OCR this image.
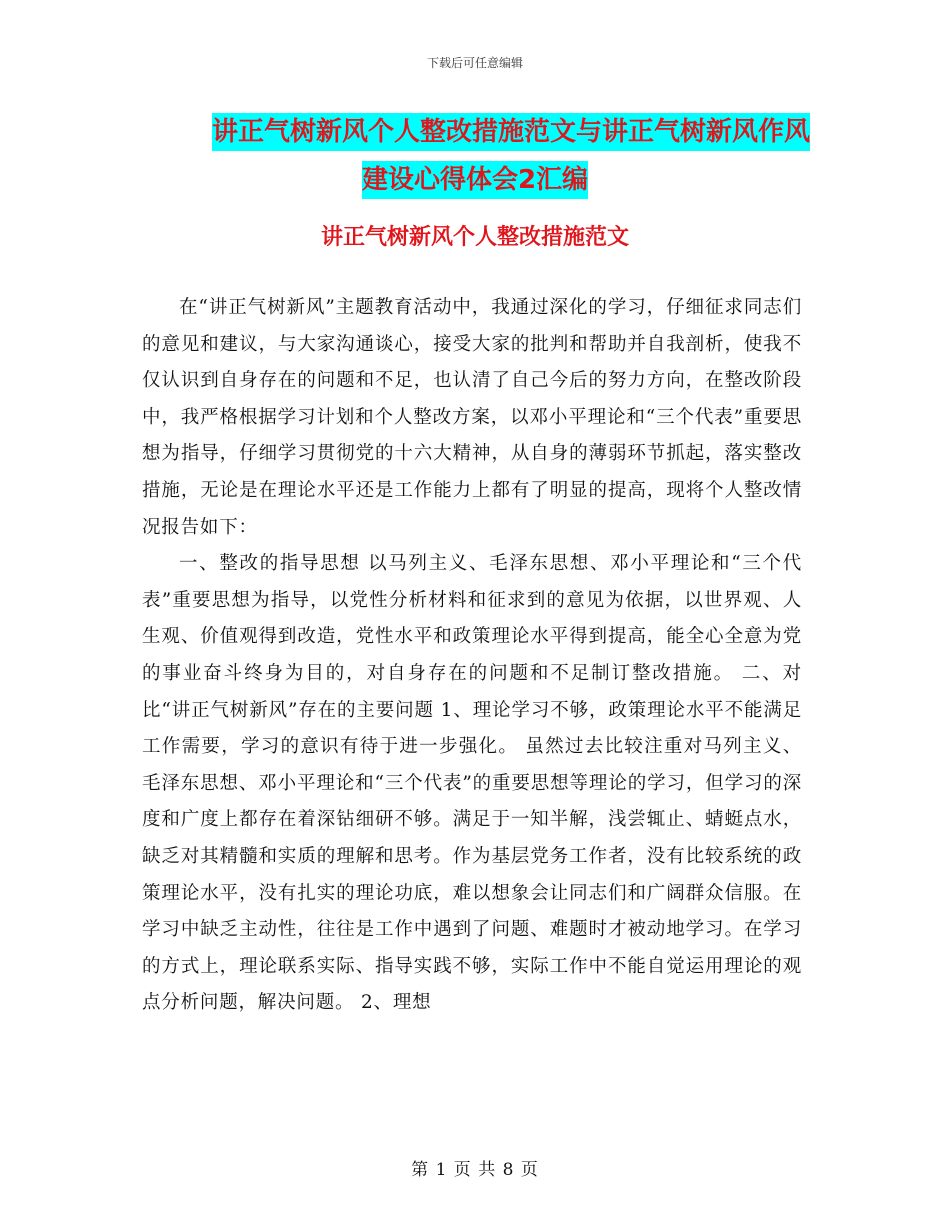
下载后可任意编辑
讲正气树新风个人整改措施范文与讲正气树新风作风
建设心得体会2汇编
讲正气树新风个人整改措施范文

在“讲正气树新风”主题教育活动中，我通过深化的学习，仔细征求同志们的意见和建议，与大家沟通谈心，接受大家的批判和帮助并自我剖析，使我不仅认识到自身存在的问题和不足，也认清了自己今后的努力方向，在整改阶段中，我严格根据学习计划和个人整改方案，以邓小平理论和“三个代表”重要思想为指导，仔细学习贯彻党的十六大精神，从自身的薄弱环节抓起，落实整改措施，无论是在理论水平还是工作能力上都有了明显的提高，现将个人整改情况报告如下：

一、整改的指导思想 以马列主义、毛泽东思想、邓小平理论和“三个代表”重要思想为指导，以党性分析材料和征求到的意见为依据，以世界观、人生观、价值观得到改造，党性水平和政策理论水平得到提高，能全心全意为党的事业奋斗终身为目的，对自身存在的问题和不足制订整改措施。 二、对比“讲正气树新风”存在的主要问题 1、理论学习不够，政策理论水平不能满足工作需要，学习的意识有待于进一步强化。 虽然过去比较注重对马列主义、毛泽东思想、邓小平理论和“三个代表”的重要思想等理论的学习，但学习的深度和广度上都存在着深钻细研不够。满足于一知半解，浅尝辄止、蜻蜓点水，缺乏对其精髓和实质的理解和思考。作为基层党务工作者，没有比较系统的政策理论水平，没有扎实的理论功底，难以想象会让同志们和广阔群众信服。在学习中缺乏主动性，往往是工作中遇到了问题、难题时才被动地学习。在学习的方式上，理论联系实际、指导实践不够，实际工作中不能自觉运用理论的观点分析问题，解决问题。 2、理想

第 1 页 共 8 页
